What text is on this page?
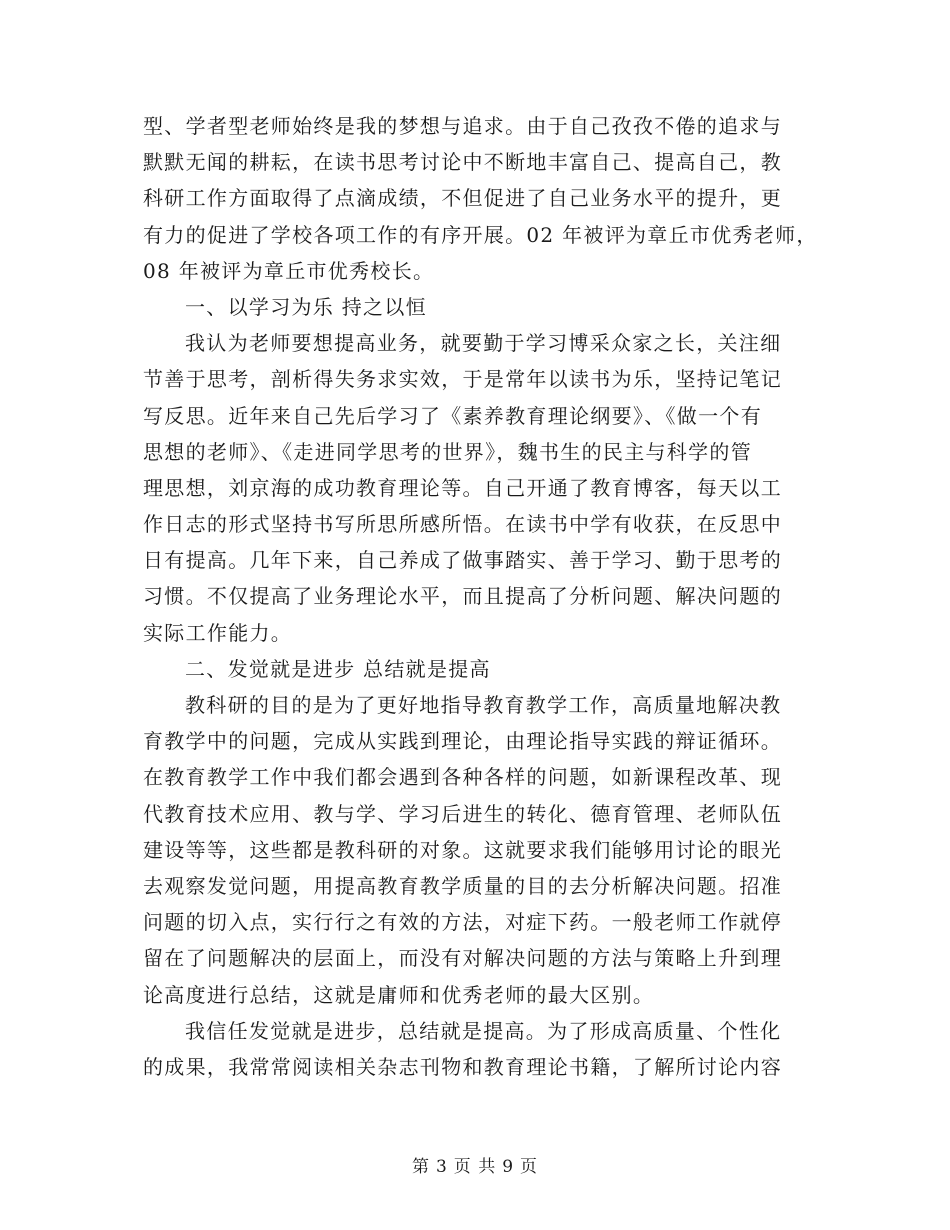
型、学者型老师始终是我的梦想与追求。由于自己孜孜不倦的追求与
默默无闻的耕耘，在读书思考讨论中不断地丰富自己、提高自己，教
科研工作方面取得了点滴成绩，不但促进了自己业务水平的提升，更
有力的促进了学校各项工作的有序开展。02 年被评为章丘市优秀老师，
08 年被评为章丘市优秀校长。
一、以学习为乐 持之以恒
我认为老师要想提高业务，就要勤于学习博采众家之长，关注细
节善于思考，剖析得失务求实效，于是常年以读书为乐，坚持记笔记
写反思。近年来自己先后学习了《素养教育理论纲要》、《做一个有
思想的老师》、《走进同学思考的世界》，魏书生的民主与科学的管
理思想，刘京海的成功教育理论等。自己开通了教育博客，每天以工
作日志的形式坚持书写所思所感所悟。在读书中学有收获，在反思中
日有提高。几年下来，自己养成了做事踏实、善于学习、勤于思考的
习惯。不仅提高了业务理论水平，而且提高了分析问题、解决问题的
实际工作能力。
二、发觉就是进步 总结就是提高
教科研的目的是为了更好地指导教育教学工作，高质量地解决教
育教学中的问题，完成从实践到理论，由理论指导实践的辩证循环。
在教育教学工作中我们都会遇到各种各样的问题，如新课程改革、现
代教育技术应用、教与学、学习后进生的转化、德育管理、老师队伍
建设等等，这些都是教科研的对象。这就要求我们能够用讨论的眼光
去观察发觉问题，用提高教育教学质量的目的去分析解决问题。招准
问题的切入点，实行行之有效的方法，对症下药。一般老师工作就停
留在了问题解决的层面上，而没有对解决问题的方法与策略上升到理
论高度进行总结，这就是庸师和优秀老师的最大区别。
我信任发觉就是进步，总结就是提高。为了形成高质量、个性化
的成果，我常常阅读相关杂志刊物和教育理论书籍，了解所讨论内容
第 3 页 共 9 页
